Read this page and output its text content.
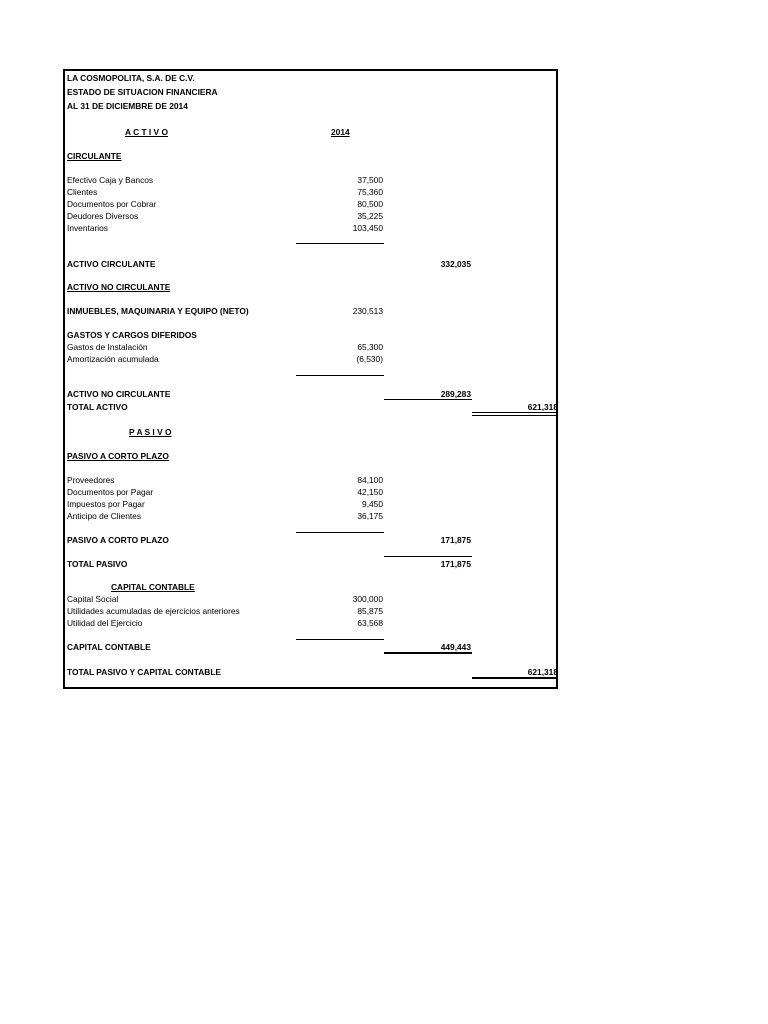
LA COSMOPOLITA, S.A. DE C.V.
ESTADO DE SITUACION FINANCIERA
AL 31 DE DICIEMBRE DE 2014
A C T I V O	2014
CIRCULANTE
Efectivo Caja y Bancos	37,500
Clientes	75,360
Documentos por Cobrar	80,500
Deudores Diversos	35,225
Inventarios	103,450
ACTIVO CIRCULANTE	332,035
ACTIVO NO CIRCULANTE
INMUEBLES, MAQUINARIA Y EQUIPO (NETO)	230,513
GASTOS Y CARGOS DIFERIDOS
Gastos de Instalación	65,300
Amortización acumulada	(6,530)
ACTIVO NO CIRCULANTE	289,283
TOTAL ACTIVO	621,318
P A S I V O
PASIVO A CORTO PLAZO
Proveedores	84,100
Documentos por Pagar	42,150
Impuestos por Pagar	9,450
Anticipo de Clientes	36,175
PASIVO A CORTO PLAZO	171,875
TOTAL PASIVO	171,875
CAPITAL CONTABLE
Capital Social	300,000
Utilidades acumuladas de ejercicios anteriores	85,875
Utilidad del Ejercicio	63,568
CAPITAL CONTABLE	449,443
TOTAL PASIVO Y CAPITAL CONTABLE	621,318
